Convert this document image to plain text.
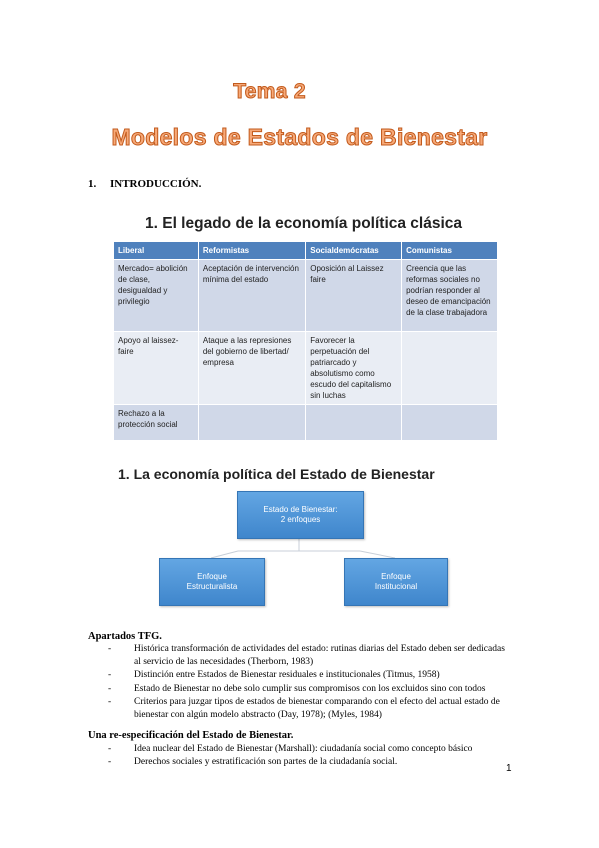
Tema 2
Modelos de Estados de Bienestar
1. INTRODUCCIÓN.
1. El legado de la economía política clásica
Liberal	Reformistas	Socialdemócratas	Comunistas
Mercado= abolición de clase, desigualdad y privilegio	Aceptación de intervención mínima del estado	Oposición al Laissez faire	Creencia que las reformas sociales no podrían responder al deseo de emancipación de la clase trabajadora
Apoyo al laissez-faire	Ataque a las represiones del gobierno de libertad/ empresa	Favorecer la perpetuación del patriarcado y absolutismo como escudo del capitalismo sin luchas	
Rechazo a la protección social			
1. La economía política del Estado de Bienestar
Estado de Bienestar:
2 enfoques
Enfoque
Estructuralista
Enfoque
Institucional
Apartados TFG.
- Histórica transformación de actividades del estado: rutinas diarias del Estado deben ser dedicadas al servicio de las necesidades (Therborn, 1983)
- Distinción entre Estados de Bienestar residuales e institucionales (Titmus, 1958)
- Estado de Bienestar no debe solo cumplir sus compromisos con los excluidos sino con todos
- Criterios para juzgar tipos de estados de bienestar comparando con el efecto del actual estado de bienestar con algún modelo abstracto (Day, 1978); (Myles, 1984)
Una re-especificación del Estado de Bienestar.
- Idea nuclear del Estado de Bienestar (Marshall): ciudadanía social como concepto básico
- Derechos sociales y estratificación son partes de la ciudadanía social.
1
